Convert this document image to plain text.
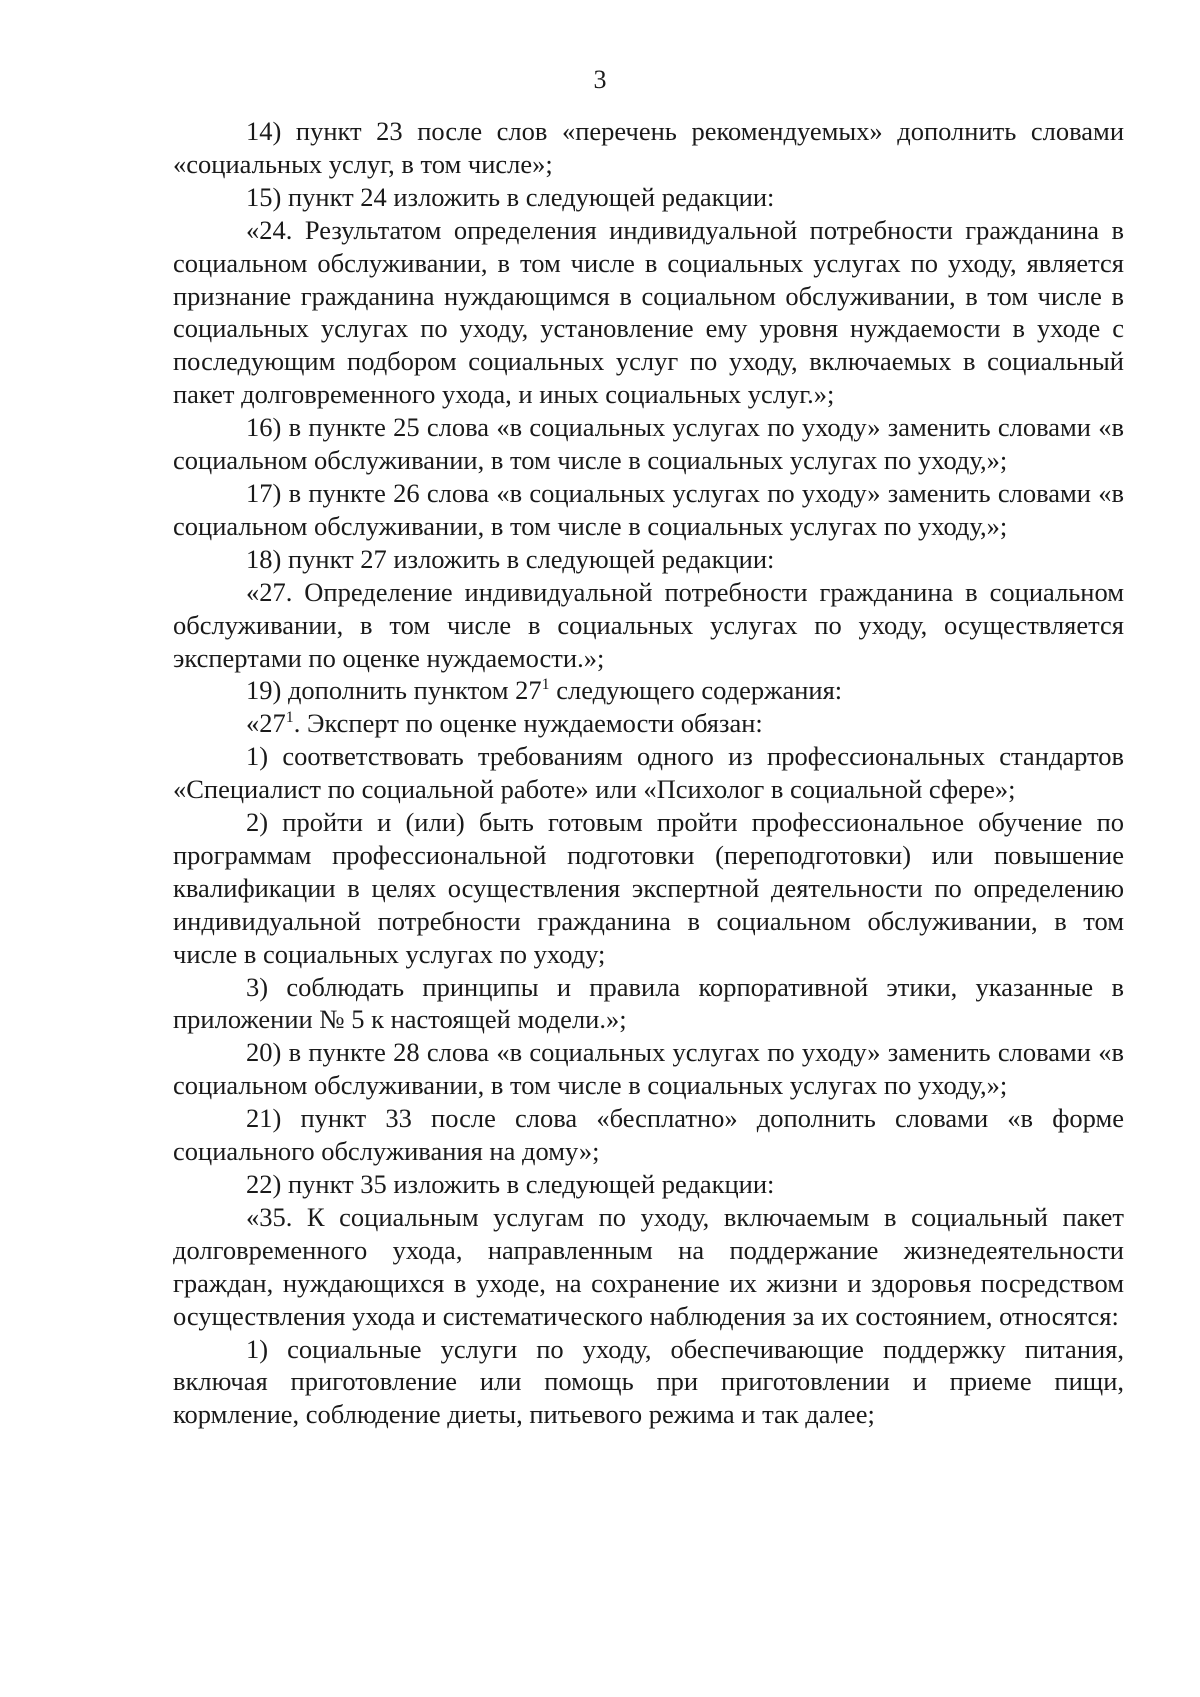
3

14) пункт 23 после слов «перечень рекомендуемых» дополнить словами «социальных услуг, в том числе»;

15) пункт 24 изложить в следующей редакции:

«24. Результатом определения индивидуальной потребности гражданина в социальном обслуживании, в том числе в социальных услугах по уходу, является признание гражданина нуждающимся в социальном обслуживании, в том числе в социальных услугах по уходу, установление ему уровня нуждаемости в уходе с последующим подбором социальных услуг по уходу, включаемых в социальный пакет долговременного ухода, и иных социальных услуг.»;

16) в пункте 25 слова «в социальных услугах по уходу» заменить словами «в социальном обслуживании, в том числе в социальных услугах по уходу,»;

17) в пункте 26 слова «в социальных услугах по уходу» заменить словами «в социальном обслуживании, в том числе в социальных услугах по уходу,»;

18) пункт 27 изложить в следующей редакции:

«27. Определение индивидуальной потребности гражданина в социальном обслуживании, в том числе в социальных услугах по уходу, осуществляется экспертами по оценке нуждаемости.»;

19) дополнить пунктом $27^1$ следующего содержания:

«$27^1$. Эксперт по оценке нуждаемости обязан:

1) соответствовать требованиям одного из профессиональных стандартов «Специалист по социальной работе» или «Психолог в социальной сфере»;

2) пройти и (или) быть готовым пройти профессиональное обучение по программам профессиональной подготовки (переподготовки) или повышение квалификации в целях осуществления экспертной деятельности по определению индивидуальной потребности гражданина в социальном обслуживании, в том числе в социальных услугах по уходу;

3) соблюдать принципы и правила корпоративной этики, указанные в приложении № 5 к настоящей модели.»;

20) в пункте 28 слова «в социальных услугах по уходу» заменить словами «в социальном обслуживании, в том числе в социальных услугах по уходу,»;

21) пункт 33 после слова «бесплатно» дополнить словами «в форме социального обслуживания на дому»;

22) пункт 35 изложить в следующей редакции:

«35. К социальным услугам по уходу, включаемым в социальный пакет долговременного ухода, направленным на поддержание жизнедеятельности граждан, нуждающихся в уходе, на сохранение их жизни и здоровья посредством осуществления ухода и систематического наблюдения за их состоянием, относятся:

1) социальные услуги по уходу, обеспечивающие поддержку питания, включая приготовление или помощь при приготовлении и приеме пищи, кормление, соблюдение диеты, питьевого режима и так далее;
